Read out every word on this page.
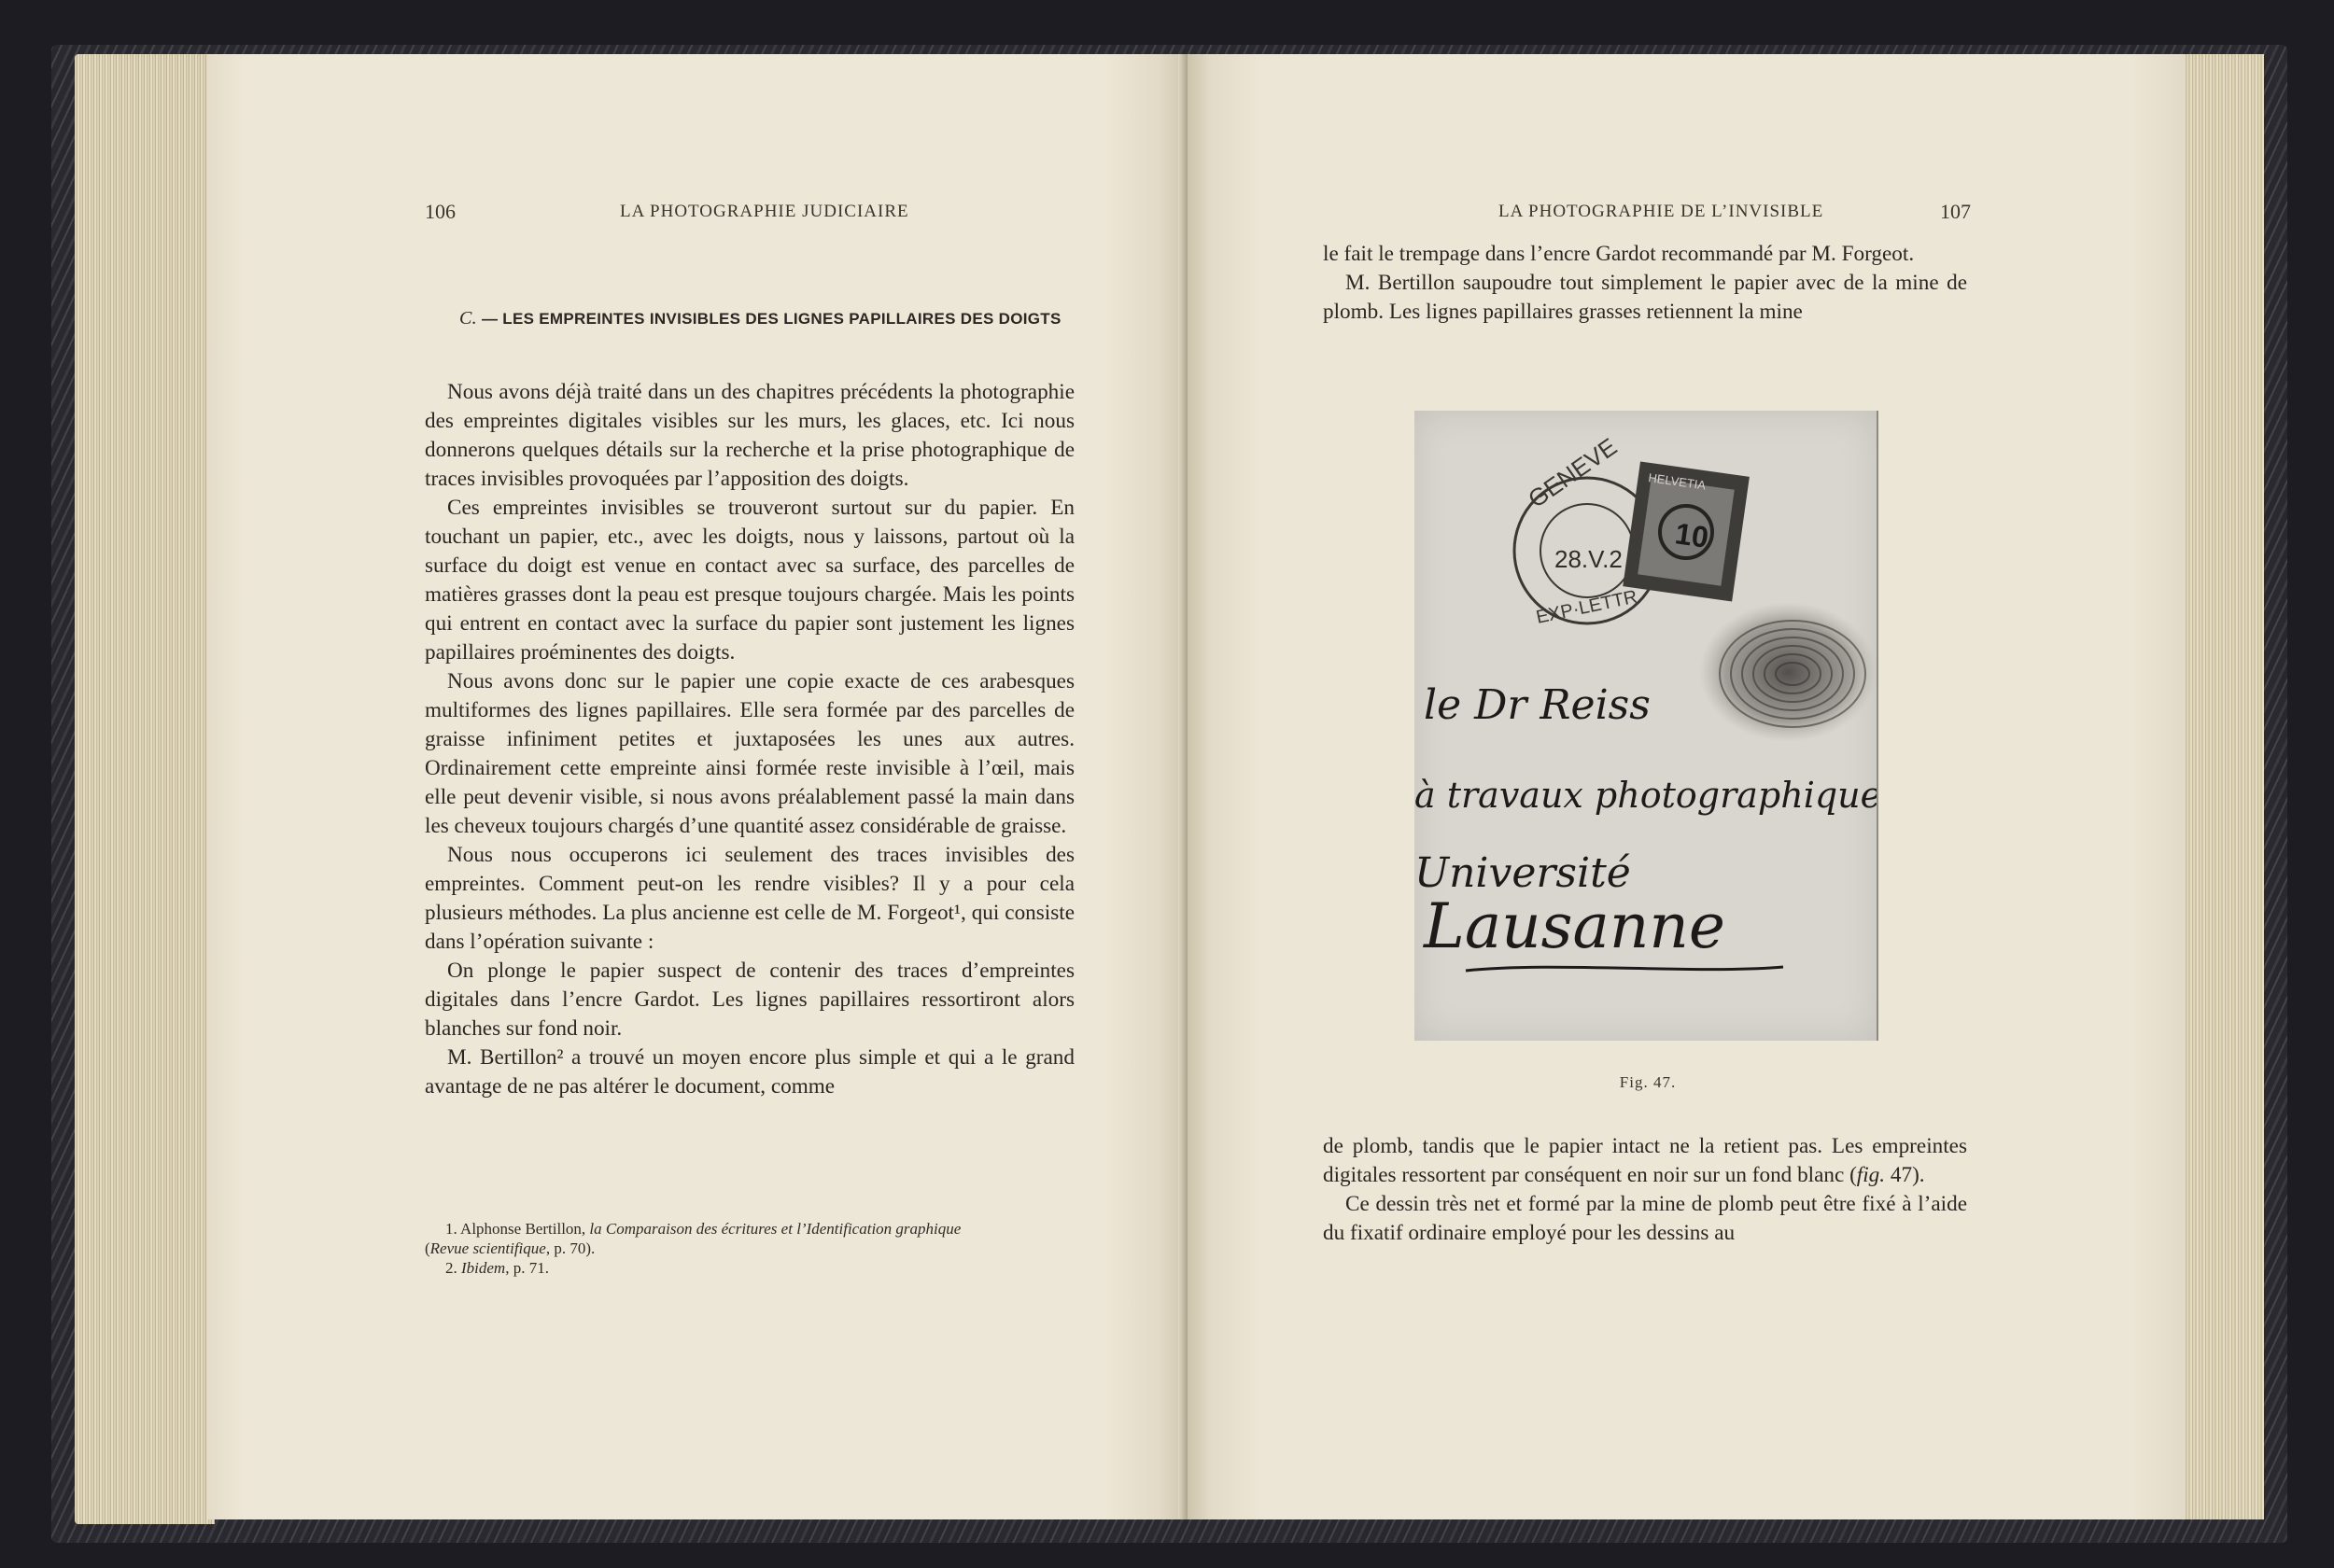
106	LA PHOTOGRAPHIE JUDICIAIRE
C. — LES EMPREINTES INVISIBLES DES LIGNES PAPILLAIRES DES DOIGTS

Nous avons déjà traité dans un des chapitres précédents la photographie des empreintes digitales visibles sur les murs, les glaces, etc. Ici nous donnerons quelques détails sur la recherche et la prise photographique de traces invisibles provoquées par l’apposition des doigts.

Ces empreintes invisibles se trouveront surtout sur du papier. En touchant un papier, etc., avec les doigts, nous y laissons, partout où la surface du doigt est venue en contact avec sa surface, des parcelles de matières grasses dont la peau est presque toujours chargée. Mais les points qui entrent en contact avec la surface du papier sont justement les lignes papillaires proéminentes des doigts.

Nous avons donc sur le papier une copie exacte de ces arabesques multiformes des lignes papillaires. Elle sera formée par des parcelles de graisse infiniment petites et juxtaposées les unes aux autres. Ordinairement cette empreinte ainsi formée reste invisible à l’œil, mais elle peut devenir visible, si nous avons préalablement passé la main dans les cheveux toujours chargés d’une quantité assez considérable de graisse.

Nous nous occuperons ici seulement des traces invisibles des empreintes. Comment peut-on les rendre visibles? Il y a pour cela plusieurs méthodes. La plus ancienne est celle de M. Forgeot¹, qui consiste dans l’opération suivante :

On plonge le papier suspect de contenir des traces d’empreintes digitales dans l’encre Gardot. Les lignes papillaires ressortiront alors blanches sur fond noir.

M. Bertillon² a trouvé un moyen encore plus simple et qui a le grand avantage de ne pas altérer le document, comme

1. Alphonse Bertillon, la Comparaison des écritures et l’Identification graphique

(Revue scientifique, p. 70).

2. Ibidem, p. 71.

LA PHOTOGRAPHIE DE L’INVISIBLE	107

le fait le trempage dans l’encre Gardot recommandé par M. Forgeot.

M. Bertillon saupoudre tout simplement le papier avec de la mine de plomb. Les lignes papillaires grasses retiennent la mine

GENEVE
28.V.2
EXP·LETTR
HELVETIA
10
le Dr Reiss
à travaux photographiques
Université
Lausanne
Fig. 47.

de plomb, tandis que le papier intact ne la retient pas. Les empreintes digitales ressortent par conséquent en noir sur un fond blanc (fig. 47).

Ce dessin très net et formé par la mine de plomb peut être fixé à l’aide du fixatif ordinaire employé pour les dessins au
